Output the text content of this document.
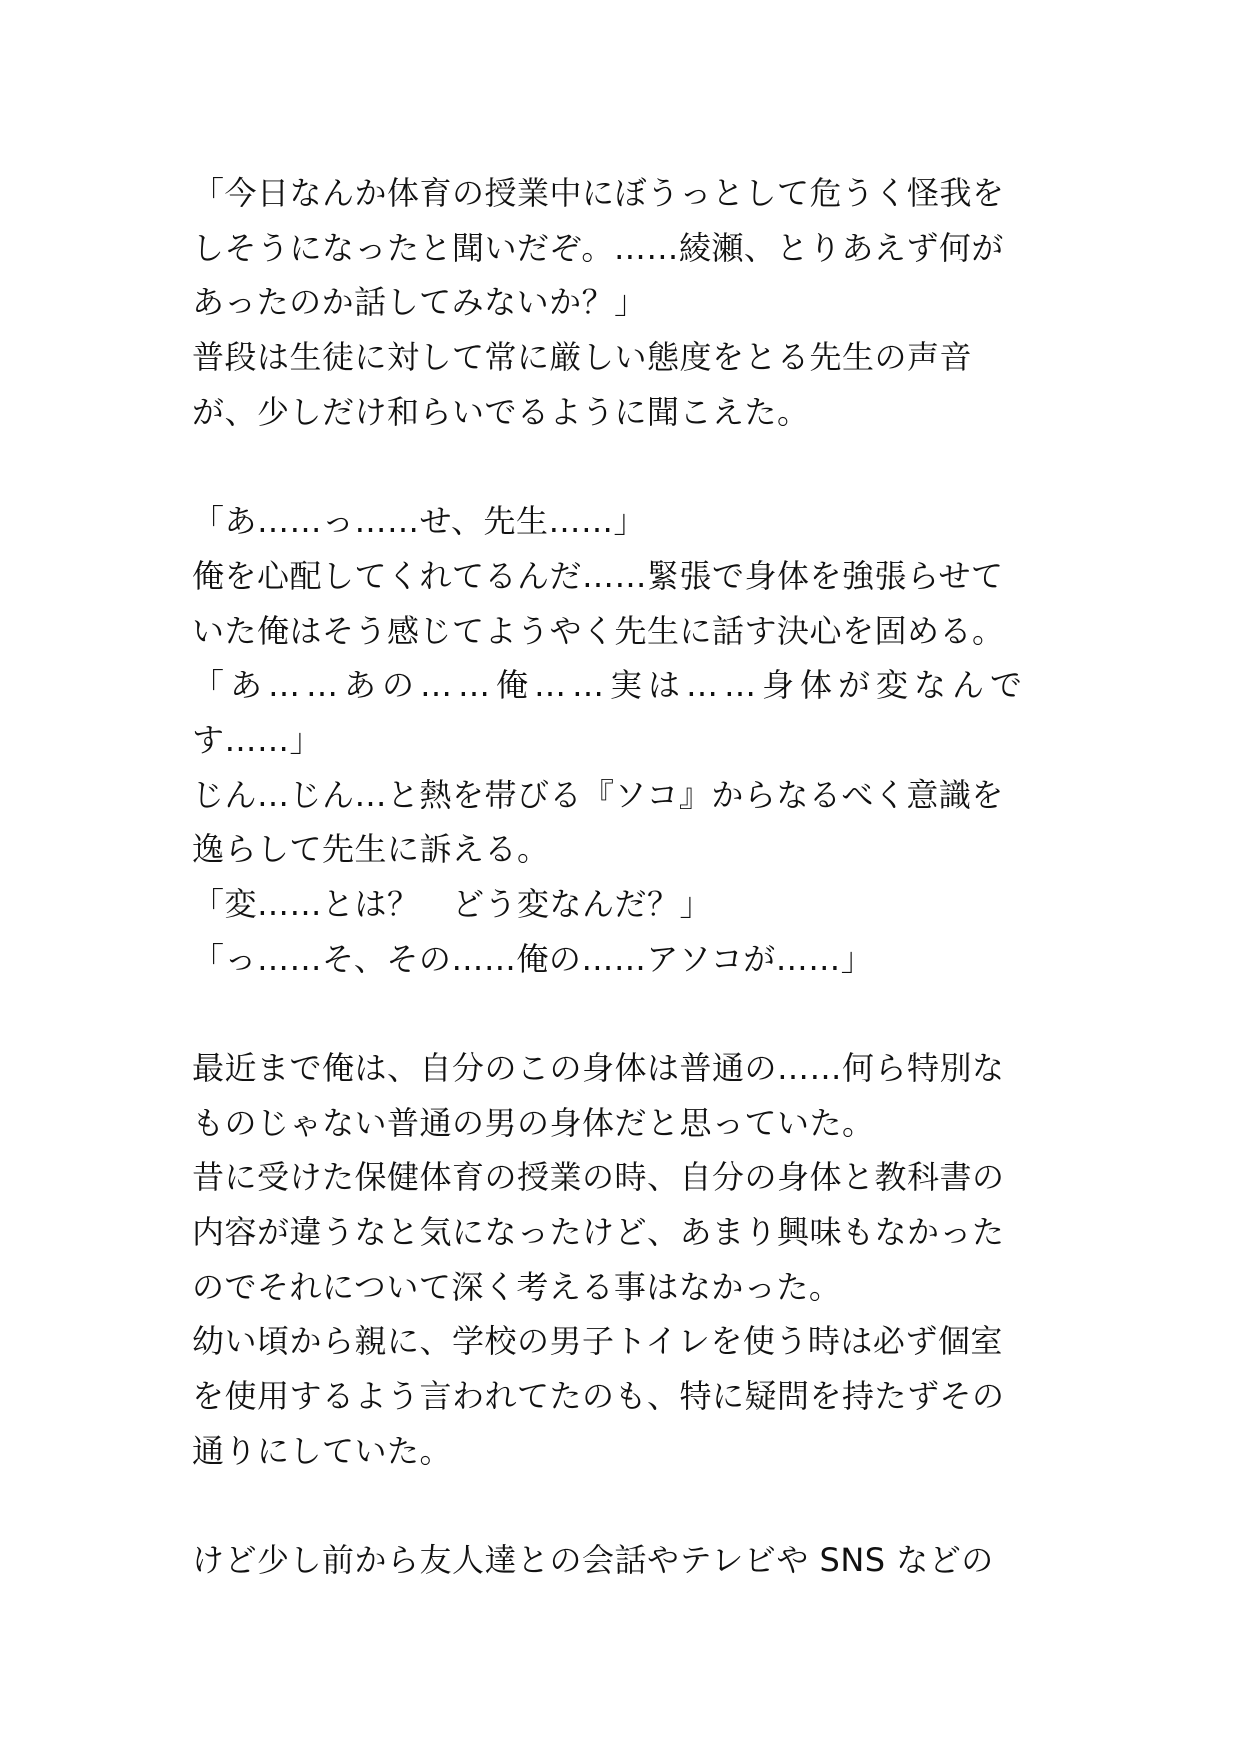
「今日なんか体育の授業中にぼうっとして危うく怪我を
しそうになったと聞いだぞ。……綾瀬、とりあえず何が
あったのか話してみないか？」
普段は生徒に対して常に厳しい態度をとる先生の声音
が、少しだけ和らいでるように聞こえた。
「あ……っ……せ、先生……」
俺を心配してくれてるんだ……緊張で身体を強張らせて
いた俺はそう感じてようやく先生に話す決心を固める。
「あ……あの……俺……実は……身体が変なんで
す……」
じん…じん…と熱を帯びる『ソコ』からなるべく意識を
逸らして先生に訴える。
「変……とは？　どう変なんだ？」
「っ……そ、その……俺の……アソコが……」
最近まで俺は、自分のこの身体は普通の……何ら特別な
ものじゃない普通の男の身体だと思っていた。
昔に受けた保健体育の授業の時、自分の身体と教科書の
内容が違うなと気になったけど、あまり興味もなかった
のでそれについて深く考える事はなかった。
幼い頃から親に、学校の男子トイレを使う時は必ず個室
を使用するよう言われてたのも、特に疑問を持たずその
通りにしていた。
けど少し前から友人達との会話やテレビや SNS などの
